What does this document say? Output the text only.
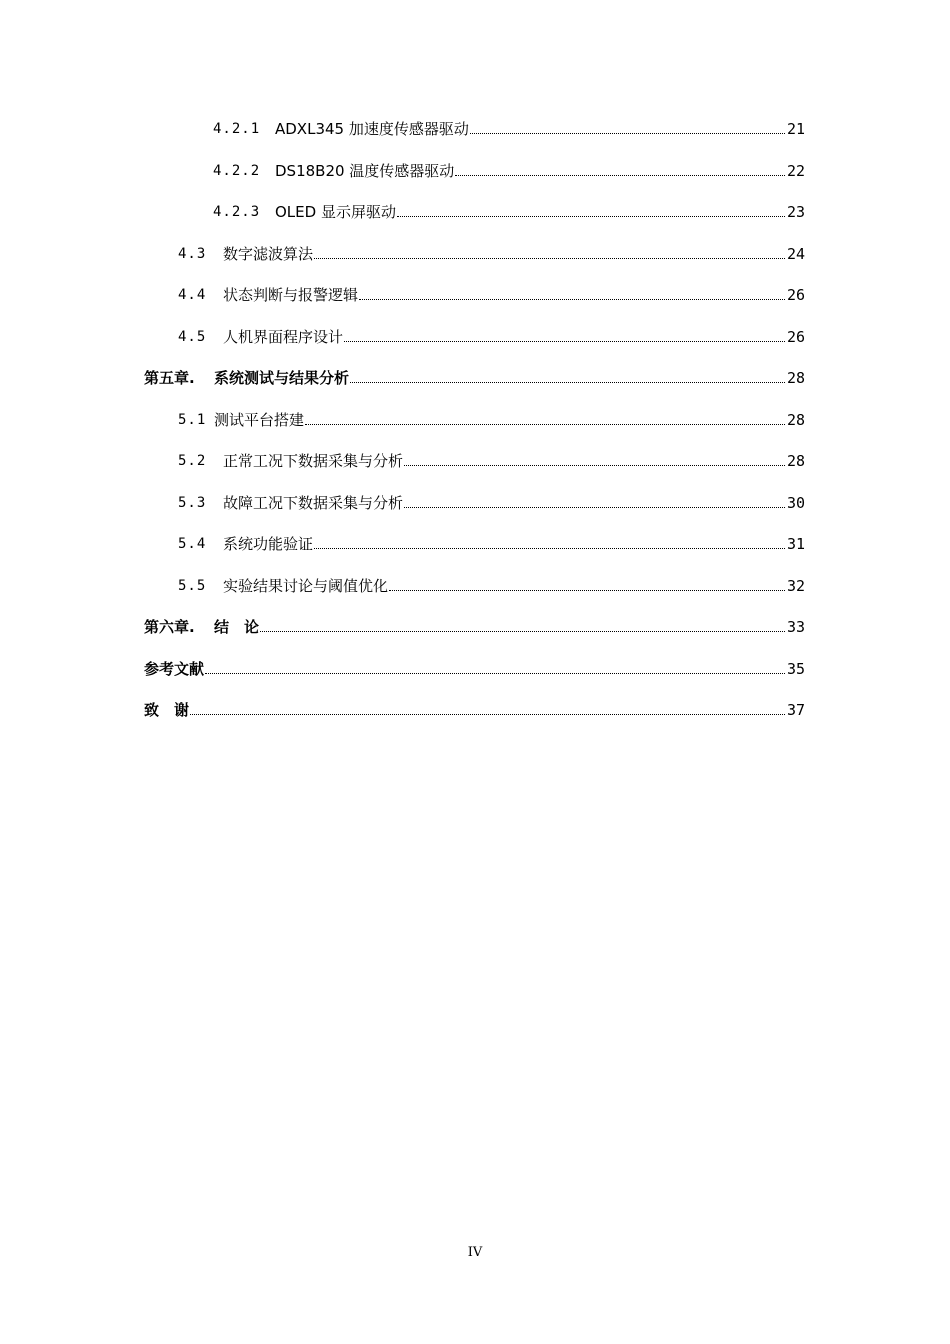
4.2.1 ADXL345 加速度传感器驱动	21
4.2.2 DS18B20 温度传感器驱动	22
4.2.3 OLED 显示屏驱动	23
4.3	数字滤波算法	24
4.4	状态判断与报警逻辑	26
4.5	人机界面程序设计	26
第五章.	系统测试与结果分析	28
5.1 测试平台搭建	28
5.2	正常工况下数据采集与分析	28
5.3	故障工况下数据采集与分析	30
5.4	系统功能验证	31
5.5	实验结果讨论与阈值优化	32
第六章.	结　论	33
参考文献	35
致　谢	37
IV
